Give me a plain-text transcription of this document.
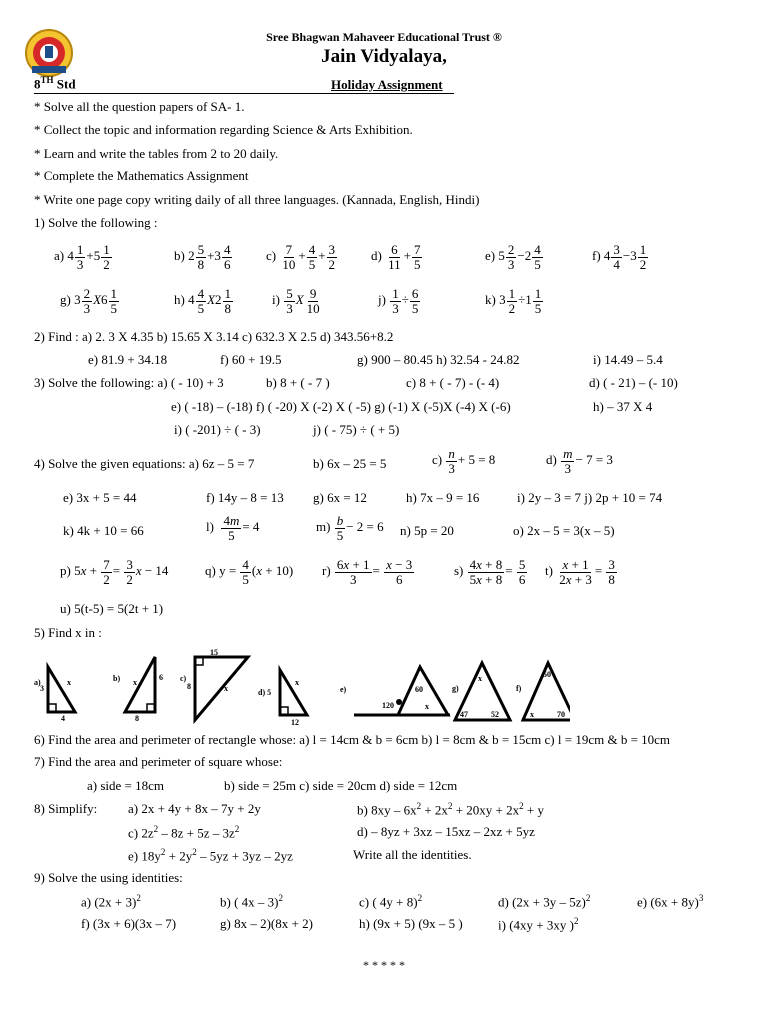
Sree Bhagwan Mahaveer Educational Trust ®
Jain Vidyalaya,
8TH Std	Holiday Assignment
* Solve all the question papers of SA- 1.
* Collect the topic and information regarding Science & Arts Exhibition.
* Learn and write the tables from 2 to 20 daily.
* Complete the Mathematics Assignment
* Write one page copy writing daily of all three languages. (Kannada, English, Hindi)
1) Solve the following :
a) $4 \frac{1}{3} +5 \frac{1}{2}$	b) $2 \frac{5}{8} +3 \frac{4}{6}$	$c) \frac{7}{10} + \frac{4}{5} + \frac{3}{2}$	$d) \frac{6}{11} + \frac{7}{5}$	e) $5 \frac{2}{3} -2 \frac{4}{5}$	f) $4 \frac{3}{4} -3 \frac{1}{2}$
g) $3 \frac{2}{3} X6 \frac{1}{5}$	h) $4 \frac{4}{5} X2 \frac{1}{8}$	$i) \frac{5}{3}$ X $\frac{9}{10}$	$j) \frac{1}{3} \div \frac{6}{5}$	k) $3 \frac{1}{2} \div 1 \frac{1}{5}$
2) Find : a) 2. 3 X 4.35 b) 15.65 X 3.14 c) 632.3 X 2.5 d) 343.56+8.2
e) 81.9 + 34.18	f) 60 + 19.5	g) 900 – 80.45 h) 32.54 - 24.82	i) 14.49 – 5.4
3) Solve the following: a) ( - 10) + 3	b) 8 + ( - 7 )	c) 8 + ( - 7) - (- 4)	d) ( - 21) – (- 10)
e) ( -18) – (-18) f) ( -20) X (-2) X ( -5) g) (-1) X (-5)X (-4) X (-6)	h) – 37 X 4
i) ( -201) ÷ ( - 3)	j) ( - 75) ÷ ( + 5)
4) Solve the given equations: a) 6z – 5 = 7	b) 6x – 25 = 5	$c) \frac{n}{3} + 5 = 8$	$d) \frac{m}{3} - 7 = 3$
e) 3x + 5 = 44	f) 14y – 8 = 13 g) 6x = 12	h) 7x – 9 = 16	i) 2y – 3 = 7 j) 2p + 10 = 74
k) 4k + 10 = 66	$l) \frac{4m}{5} = 4$	$m) \frac{b}{5} - 2 = 6$ n) 5p = 20	o) 2x – 5 = 3(x – 5)
p) $5x + \frac{7}{2} = \frac{3}{2}$ x − 14	q) $y = \frac{4}{5} (x + 10)$ $r) \frac{6x + 1}{3} = \frac{x - 3}{6}$	$s) \frac{4x + 8}{5x + 8} = \frac{5}{6} t) \frac{x + 1}{2x + 3} = \frac{3}{8}$
u) 5(t-5) = 5(2t + 1)
5) Find x in :
a)
3
x
4
b) x
6
8
c)
15
8	x	d) 5
x
12
e)
120
60
x
g)
x
47	52
f)
50
x	70
6) Find the area and perimeter of rectangle whose: a) l = 14cm & b = 6cm b) l = 8cm & b = 15cm c) l = 19cm & b = 10cm
7) Find the area and perimeter of square whose:
a) side = 18cm	b) side = 25m c) side = 20cm d) side = 12cm
8) Simplify: a) 2x + 4y + 8x – 7y + 2y	b) $8xy - 6x^2 + 2x^2 + 20xy + 2x^2 + y$
c) $2z^2 - 8z + 5z - 3z^2$	d) – 8yz + 3xz – 15xz – 2xz + 5yz
e) $18y^2 + 2y^2 - 5yz + 3yz - 2yz$	Write all the identities.
9) Solve the using identities:
a) $(2x + 3)^2$	b) ( 4x – 3)$^2$	c) ( 4y + 8)$^2$	d) $(2x + 3y - 5z)^2$	e) $(6x + 8y)^3$
f) (3x + 6)(3x – 7)	g) 8x – 2)(8x + 2)	h) (9x + 5) (9x – 5 )	i) (4xy + 3xy )$^2$
* * * * *
